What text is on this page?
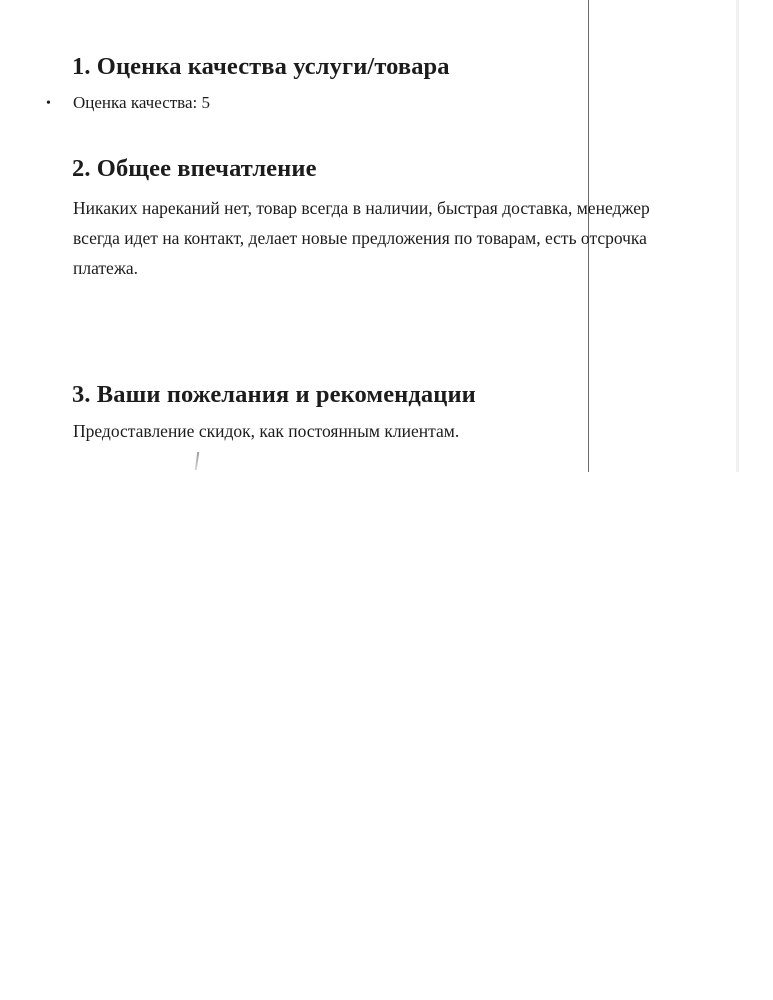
1. Оценка качества услуги/товара
• Оценка качества: 5
2. Общее впечатление

Никаких нареканий нет, товар всегда в наличии, быстрая доставка, менеджер
всегда идет на контакт, делает новые предложения по товарам, есть отсрочка
платежа.

3. Ваши пожелания и рекомендации

Предоставление скидок, как постоянным клиентам.
